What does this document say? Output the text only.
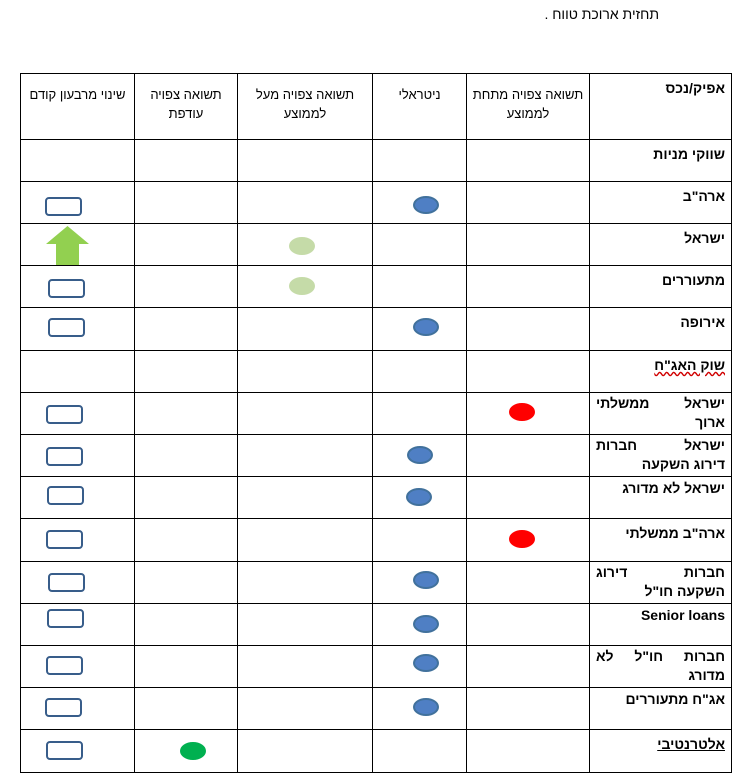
תחזית ארוכת טווח .
אפיק/נכס	תשואה צפויה מתחת לממוצע	ניטראלי	תשואה צפויה מעל לממוצע	תשואה צפויה עודפת	שינוי מרבעון קודם

שווקי מניות					

ארה"ב					

ישראל

מתעוררים					

אירופה					

שוק האג"ח					

ישראל ממשלתי
ארוך					

ישראל חברות
דירוג השקעה					

ישראל לא מדורג					

ארה"ב ממשלתי					

חברות דירוג
השקעה חו"ל					

Senior loans					

חברות חו"ל לא
מדורג					

אג"ח מתעוררים					

אלטרנטיבי					
